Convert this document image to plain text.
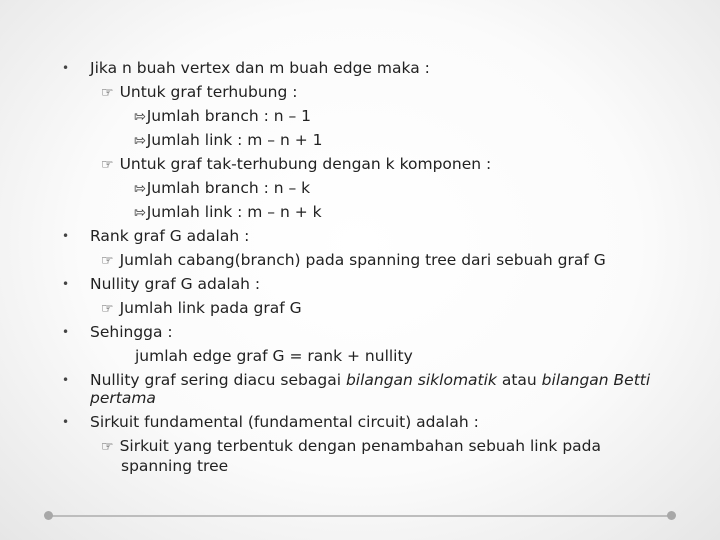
• Jika n buah vertex dan m buah edge maka :
☞ Untuk graf terhubung :
⇰Jumlah branch : n – 1
⇰Jumlah link : m – n + 1
☞ Untuk graf tak-terhubung dengan k komponen :
⇰Jumlah branch : n – k
⇰Jumlah link : m – n + k
• Rank graf G adalah :
☞ Jumlah cabang(branch) pada spanning tree dari sebuah graf G
• Nullity graf G adalah :
☞ Jumlah link pada graf G
• Sehingga :
jumlah edge graf G = rank + nullity
• Nullity graf sering diacu sebagai bilangan siklomatik atau bilangan Betti
pertama
• Sirkuit fundamental (fundamental circuit) adalah :
☞ Sirkuit yang terbentuk dengan penambahan sebuah link pada
spanning tree
